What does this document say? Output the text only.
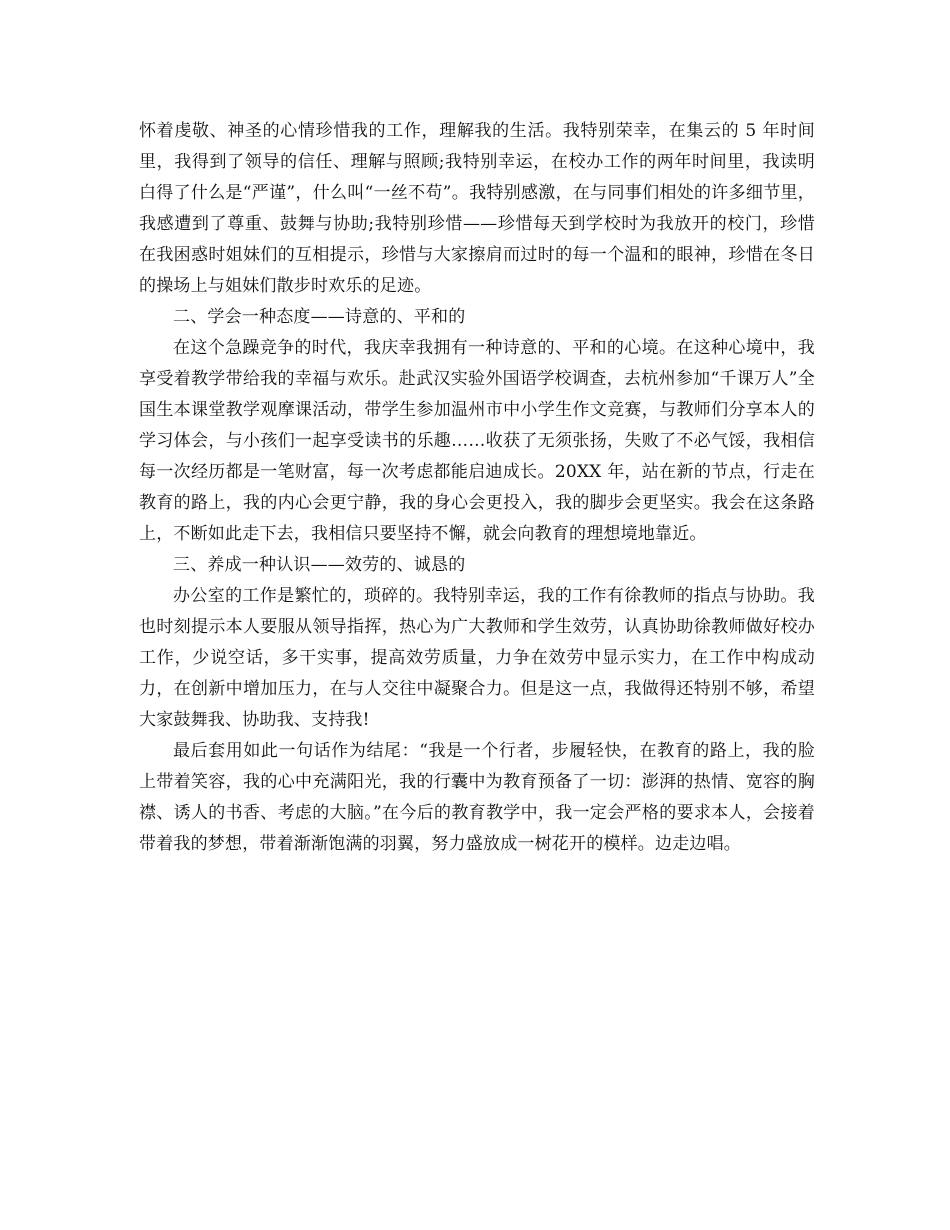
怀着虔敬、神圣的心情珍惜我的工作，理解我的生活。我特别荣幸，在集云的 5 年时间里，我得到了领导的信任、理解与照顾;我特别幸运，在校办工作的两年时间里，我读明白得了什么是“严谨”，什么叫“一丝不苟”。我特别感激，在与同事们相处的许多细节里，我感遭到了尊重、鼓舞与协助;我特别珍惜——珍惜每天到学校时为我放开的校门，珍惜在我困惑时姐妹们的互相提示，珍惜与大家擦肩而过时的每一个温和的眼神，珍惜在冬日的操场上与姐妹们散步时欢乐的足迹。

二、学会一种态度——诗意的、平和的

在这个急躁竞争的时代，我庆幸我拥有一种诗意的、平和的心境。在这种心境中，我享受着教学带给我的幸福与欢乐。赴武汉实验外国语学校调查，去杭州参加“千课万人”全国生本课堂教学观摩课活动，带学生参加温州市中小学生作文竞赛，与教师们分享本人的学习体会，与小孩们一起享受读书的乐趣……收获了无须张扬，失败了不必气馁，我相信每一次经历都是一笔财富，每一次考虑都能启迪成长。20XX 年，站在新的节点，行走在教育的路上，我的内心会更宁静，我的身心会更投入，我的脚步会更坚实。我会在这条路上，不断如此走下去，我相信只要坚持不懈，就会向教育的理想境地靠近。

三、养成一种认识——效劳的、诚恳的

办公室的工作是繁忙的，琐碎的。我特别幸运，我的工作有徐教师的指点与协助。我也时刻提示本人要服从领导指挥，热心为广大教师和学生效劳，认真协助徐教师做好校办工作，少说空话，多干实事，提高效劳质量，力争在效劳中显示实力，在工作中构成动力，在创新中增加压力，在与人交往中凝聚合力。但是这一点，我做得还特别不够，希望大家鼓舞我、协助我、支持我!

最后套用如此一句话作为结尾：“我是一个行者，步履轻快，在教育的路上，我的脸上带着笑容，我的心中充满阳光，我的行囊中为教育预备了一切：澎湃的热情、宽容的胸襟、诱人的书香、考虑的大脑。”在今后的教育教学中，我一定会严格的要求本人，会接着带着我的梦想，带着渐渐饱满的羽翼，努力盛放成一树花开的模样。边走边唱。
